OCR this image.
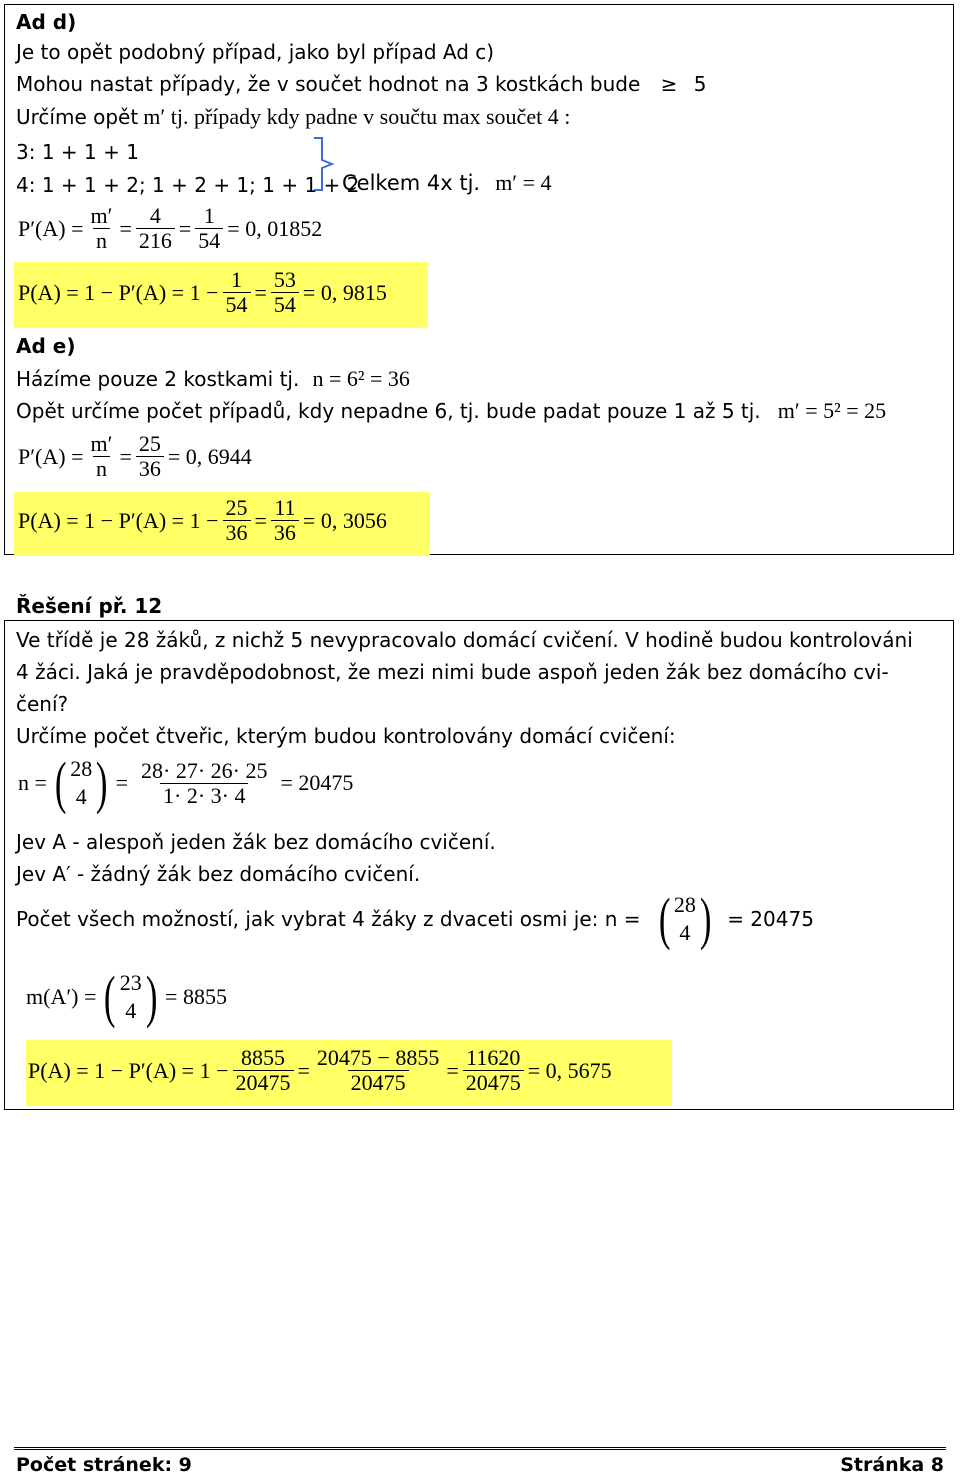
Ad d)
Je to opět podobný případ, jako byl případ Ad c)
Mohou nastat případy, že v součet hodnot na 3 kostkách bude ≥ 5
Určíme opět m′ tj. případy kdy padne v součtu max součet 4 :
3: 1 + 1 + 1
4: 1 + 1 + 2; 1 + 2 + 1; 1 + 1 + 2
Celkem 4x tj. m′ = 4
$P'(A) = \frac{m'}{n} = \frac{4}{216} = \frac{1}{54} = 0$, 01852
$P(A) = 1 - P'(A) = 1 - \frac{1}{54} = \frac{53}{54} = 0$, 9815
Ad e)
Házíme pouze 2 kostkami tj. n = 6² = 36
Opět určíme počet případů, kdy nepadne 6, tj. bude padat pouze 1 až 5 tj. m′ = 5² = 25
$P'(A) = \frac{m'}{n} = \frac{25}{36} = 0$, 6944
$P(A) = 1 - P'(A) = 1 - \frac{25}{36} = \frac{11}{36} = 0$, 3056
Řešení př. 12
Ve třídě je 28 žáků, z nichž 5 nevypracovalo domácí cvičení. V hodině budou kontrolováni
4 žáci. Jaká je pravděpodobnost, že mezi nimi bude aspoň jeden žák bez domácího cvi-
čení?
Určíme počet čtveřic, kterým budou kontrolovány domácí cvičení:
n = ( 28
4 ) = $\frac{28\cdot 27\cdot 26\cdot 25}{1\cdot 2\cdot 3\cdot 4} = 20475$
Jev A - alespoň jeden žák bez domácího cvičení.
Jev A′ - žádný žák bez domácího cvičení.
Počet všech možností, jak vybrat 4 žáky z dvaceti osmi je: n = ( 28
4 ) = 20475
m(A′) = ( 23
4 ) = 8855
$P(A) = 1 - P'(A) = 1 - \frac{8855}{20475} = \frac{20475 - 8855}{20475} = \frac{11620}{20475} = 0$, 5675
Počet stránek: 9	Stránka 8
